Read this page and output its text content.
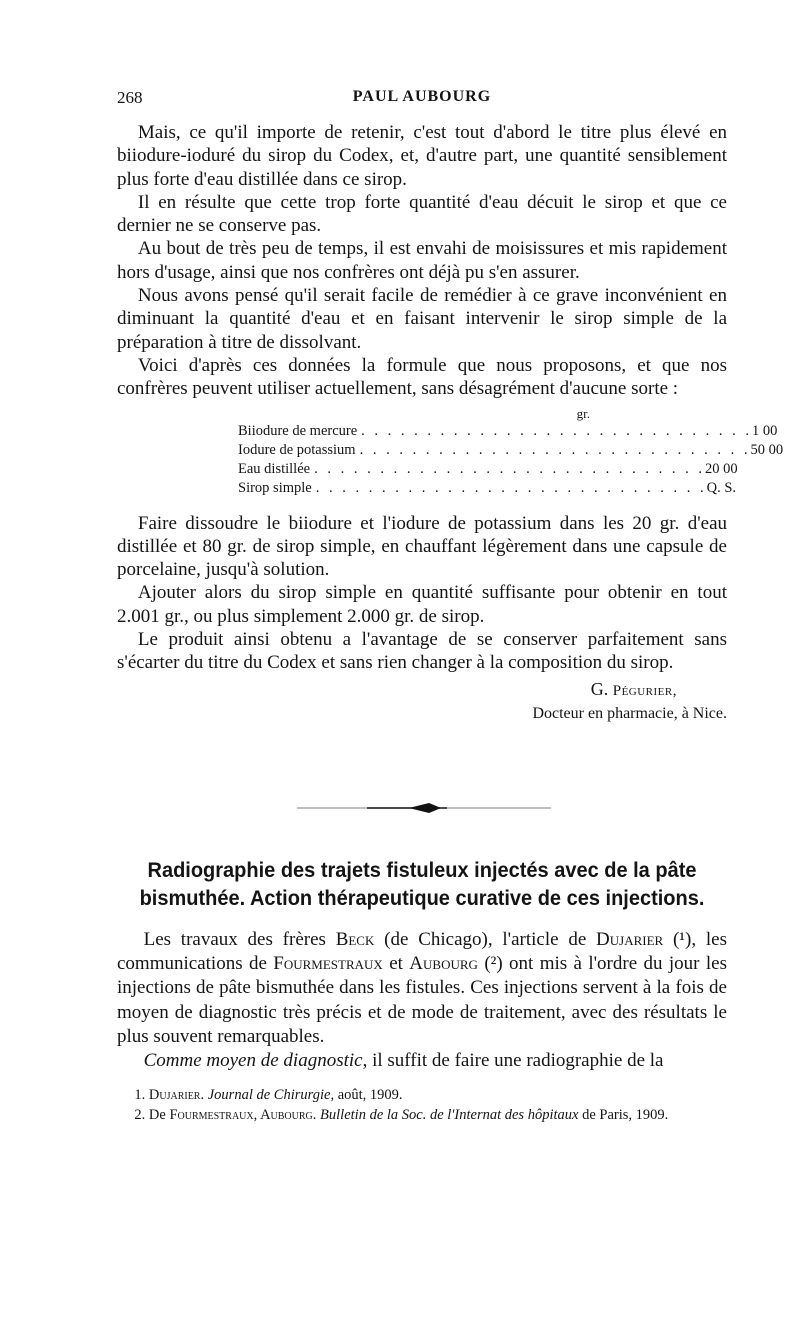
268	PAUL AUBOURG

Mais, ce qu'il importe de retenir, c'est tout d'abord le titre plus élevé en biiodure-ioduré du sirop du Codex, et, d'autre part, une quantité sensiblement plus forte d'eau distillée dans ce sirop.

Il en résulte que cette trop forte quantité d'eau décuit le sirop et que ce dernier ne se conserve pas.

Au bout de très peu de temps, il est envahi de moisissures et mis rapidement hors d'usage, ainsi que nos confrères ont déjà pu s'en assurer.

Nous avons pensé qu'il serait facile de remédier à ce grave inconvénient en diminuant la quantité d'eau et en faisant intervenir le sirop simple de la préparation à titre de dissolvant.

Voici d'après ces données la formule que nous proposons, et que nos confrères peuvent utiliser actuellement, sans désagrément d'aucune sorte :

gr.
Biiodure de mercure . . . . . . . . . . . . . . . . . . . . . . . . . . . . . . 1 00
Iodure de potassium . . . . . . . . . . . . . . . . . . . . . . . . . . . . . . 50 00
Eau distillée . . . . . . . . . . . . . . . . . . . . . . . . . . . . . . 20 00
Sirop simple . . . . . . . . . . . . . . . . . . . . . . . . . . . . . . Q. S.

Faire dissoudre le biiodure et l'iodure de potassium dans les 20 gr. d'eau distillée et 80 gr. de sirop simple, en chauffant légèrement dans une capsule de porcelaine, jusqu'à solution.

Ajouter alors du sirop simple en quantité suffisante pour obtenir en tout 2.001 gr., ou plus simplement 2.000 gr. de sirop.

Le produit ainsi obtenu a l'avantage de se conserver parfaitement sans s'écarter du titre du Codex et sans rien changer à la composition du sirop.

G. Pégurier,
Docteur en pharmacie, à Nice.
Radiographie des trajets fistuleux injectés avec de la pâte bismuthée. Action thérapeutique curative de ces injections.

Les travaux des frères Beck (de Chicago), l'article de Dujarier (¹), les communications de Fourmestraux et Aubourg (²) ont mis à l'ordre du jour les injections de pâte bismuthée dans les fistules. Ces injections servent à la fois de moyen de diagnostic très précis et de mode de traitement, avec des résultats le plus souvent remarquables.

Comme moyen de diagnostic, il suffit de faire une radiographie de la

1. Dujarier. Journal de Chirurgie, août, 1909.

2. De Fourmestraux, Aubourg. Bulletin de la Soc. de l'Internat des hôpitaux de Paris, 1909.
